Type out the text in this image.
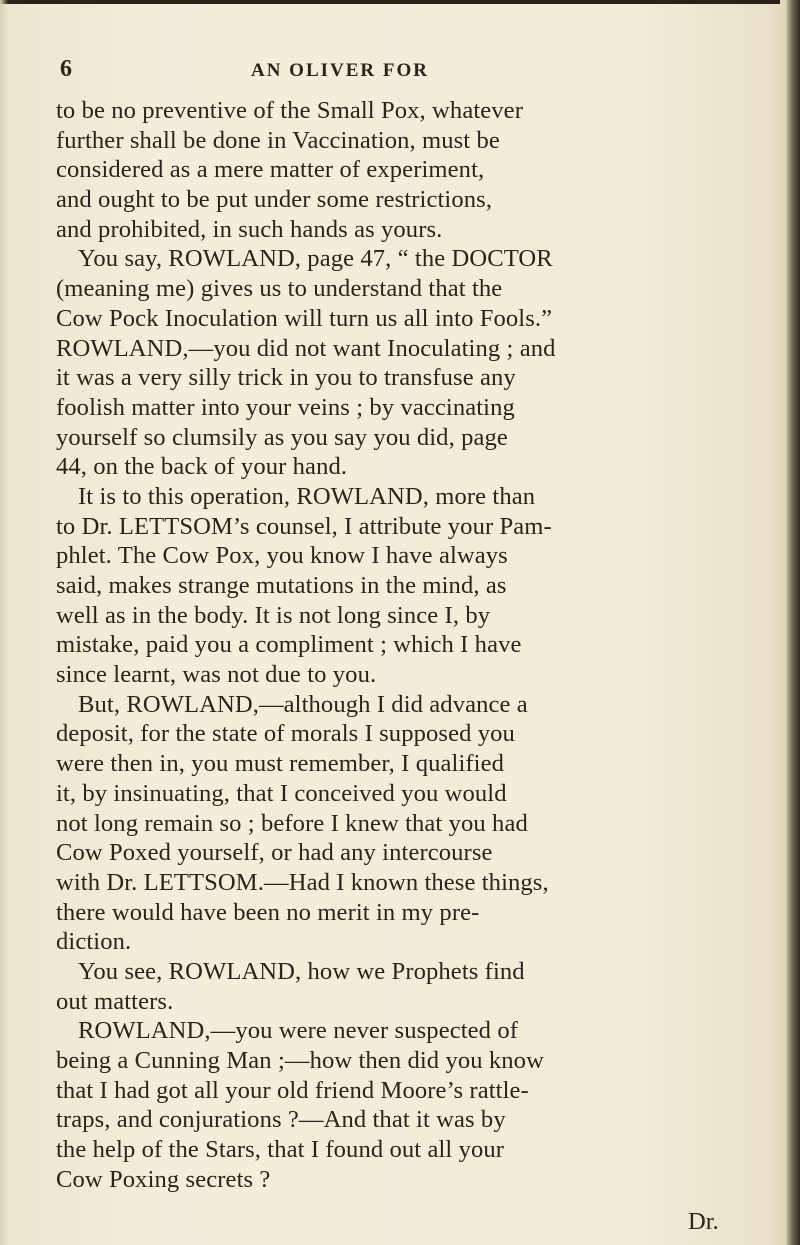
6	AN OLIVER FOR
to be no preventive of the Small Pox, whatever
further shall be done in Vaccination, must be
considered as a mere matter of experiment,
and ought to be put under some restrictions,
and prohibited, in such hands as yours.
You say, ROWLAND, page 47, “ the DOCTOR
(meaning me) gives us to understand that the
Cow Pock Inoculation will turn us all into Fools.”
ROWLAND,—you did not want Inoculating ; and
it was a very silly trick in you to transfuse any
foolish matter into your veins ; by vaccinating
yourself so clumsily as you say you did, page
44, on the back of your hand.
It is to this operation, ROWLAND, more than
to Dr. LETTSOM’s counsel, I attribute your Pam-
phlet. The Cow Pox, you know I have always
said, makes strange mutations in the mind, as
well as in the body. It is not long since I, by
mistake, paid you a compliment ; which I have
since learnt, was not due to you.
But, ROWLAND,—although I did advance a
deposit, for the state of morals I supposed you
were then in, you must remember, I qualified
it, by insinuating, that I conceived you would
not long remain so ; before I knew that you had
Cow Poxed yourself, or had any intercourse
with Dr. LETTSOM.—Had I known these things,
there would have been no merit in my pre-
diction.
You see, ROWLAND, how we Prophets find
out matters.
ROWLAND,—you were never suspected of
being a Cunning Man ;—how then did you know
that I had got all your old friend Moore’s rattle-
traps, and conjurations ?—And that it was by
the help of the Stars, that I found out all your
Cow Poxing secrets ?
Dr.
